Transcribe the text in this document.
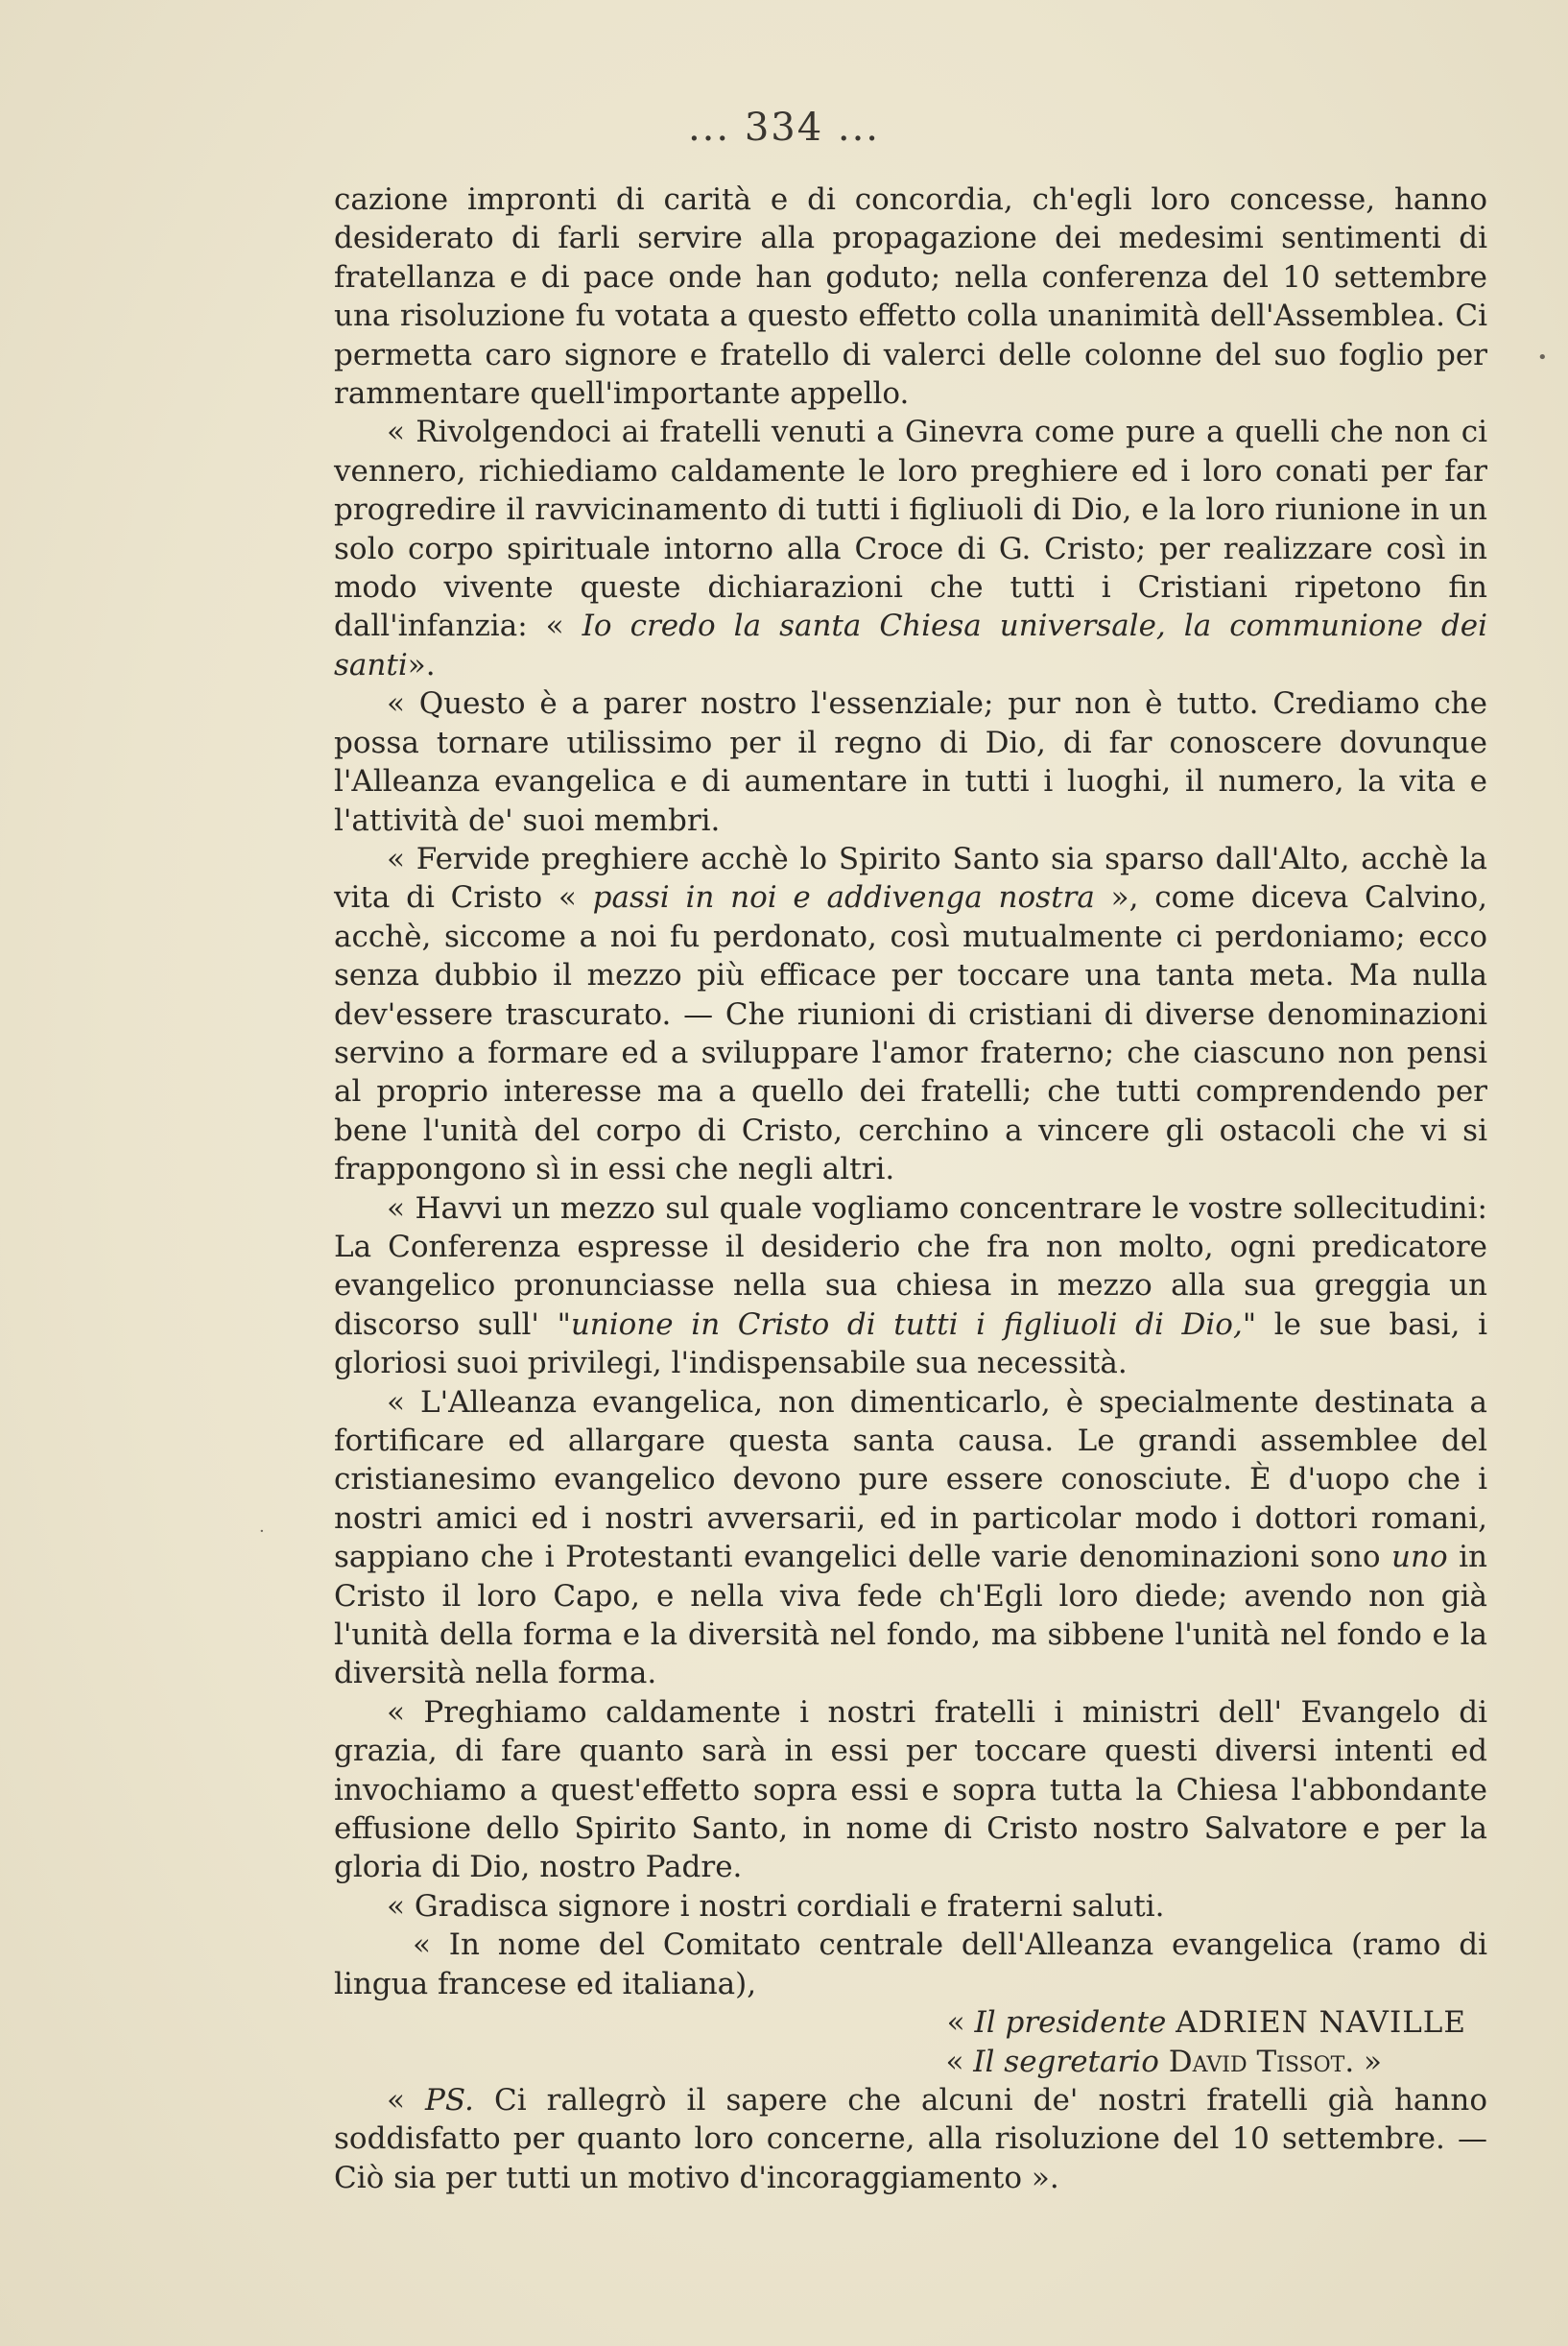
... 334 ...

cazione impronti di carità e di concordia, ch'egli loro concesse, hanno desiderato di farli servire alla propagazione dei medesimi sentimenti di fratellanza e di pace onde han goduto; nella conferenza del 10 settembre una risoluzione fu votata a questo effetto colla unanimità dell'Assemblea. Ci permetta caro signore e fratello di valerci delle colonne del suo foglio per rammentare quell'importante appello.

« Rivolgendoci ai fratelli venuti a Ginevra come pure a quelli che non ci vennero, richiediamo caldamente le loro preghiere ed i loro conati per far progredire il ravvicinamento di tutti i figliuoli di Dio, e la loro riunione in un solo corpo spirituale intorno alla Croce di G. Cristo; per realizzare così in modo vivente queste dichiarazioni che tutti i Cristiani ripetono fin dall'infanzia: « Io credo la santa Chiesa universale, la communione dei santi».

« Questo è a parer nostro l'essenziale; pur non è tutto. Crediamo che possa tornare utilissimo per il regno di Dio, di far conoscere dovunque l'Alleanza evangelica e di aumentare in tutti i luoghi, il numero, la vita e l'attività de' suoi membri.

« Fervide preghiere acchè lo Spirito Santo sia sparso dall'Alto, acchè la vita di Cristo « passi in noi e addivenga nostra », come diceva Calvino, acchè, siccome a noi fu perdonato, così mutualmente ci perdoniamo; ecco senza dubbio il mezzo più efficace per toccare una tanta meta. Ma nulla dev'essere trascurato. — Che riunioni di cristiani di diverse denominazioni servino a formare ed a sviluppare l'amor fraterno; che ciascuno non pensi al proprio interesse ma a quello dei fratelli; che tutti comprendendo per bene l'unità del corpo di Cristo, cerchino a vincere gli ostacoli che vi si frappongono sì in essi che negli altri.

« Havvi un mezzo sul quale vogliamo concentrare le vostre sollecitudini: La Conferenza espresse il desiderio che fra non molto, ogni predicatore evangelico pronunciasse nella sua chiesa in mezzo alla sua greggia un discorso sull' "unione in Cristo di tutti i figliuoli di Dio," le sue basi, i gloriosi suoi privilegi, l'indispensabile sua necessità.

« L'Alleanza evangelica, non dimenticarlo, è specialmente destinata a fortificare ed allargare questa santa causa. Le grandi assemblee del cristianesimo evangelico devono pure essere conosciute. È d'uopo che i nostri amici ed i nostri avversarii, ed in particolar modo i dottori romani, sappiano che i Protestanti evangelici delle varie denominazioni sono uno in Cristo il loro Capo, e nella viva fede ch'Egli loro diede; avendo non già l'unità della forma e la diversità nel fondo, ma sibbene l'unità nel fondo e la diversità nella forma.

« Preghiamo caldamente i nostri fratelli i ministri dell' Evangelo di grazia, di fare quanto sarà in essi per toccare questi diversi intenti ed invochiamo a quest'effetto sopra essi e sopra tutta la Chiesa l'abbondante effusione dello Spirito Santo, in nome di Cristo nostro Salvatore e per la gloria di Dio, nostro Padre.

« Gradisca signore i nostri cordiali e fraterni saluti.

« In nome del Comitato centrale dell'Alleanza evangelica (ramo di lingua francese ed italiana),

« Il presidente ADRIEN NAVILLE

« Il segretario David Tissot. »

« PS. Ci rallegrò il sapere che alcuni de' nostri fratelli già hanno soddisfatto per quanto loro concerne, alla risoluzione del 10 settembre. — Ciò sia per tutti un motivo d'incoraggiamento ».

•
·
